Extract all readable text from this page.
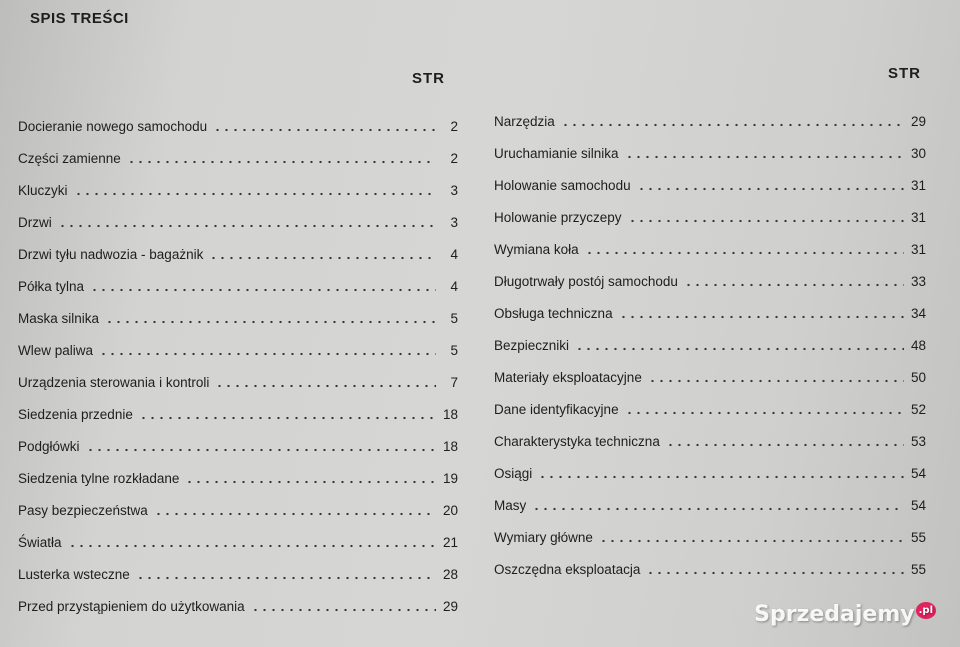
SPIS TREŚCI
STR	STR
Docieranie nowego samochodu	2
Części zamienne	2
Kluczyki	3
Drzwi	3
Drzwi tyłu nadwozia - bagażnik	4
Półka tylna	4
Maska silnika	5
Wlew paliwa	5
Urządzenia sterowania i kontroli	7
Siedzenia przednie	18
Podgłówki	18
Siedzenia tylne rozkładane	19
Pasy bezpieczeństwa	20
Światła	21
Lusterka wsteczne	28
Przed przystąpieniem do użytkowania	29
Narzędzia	29
Uruchamianie silnika	30
Holowanie samochodu	31
Holowanie przyczepy	31
Wymiana koła	31
Długotrwały postój samochodu	33
Obsługa techniczna	34
Bezpieczniki	48
Materiały eksploatacyjne	50
Dane identyfikacyjne	52
Charakterystyka techniczna	53
Osiągi	54
Masy	54
Wymiary główne	55
Oszczędna eksploatacja	55
Sprzedajemy $^{.pl}$
